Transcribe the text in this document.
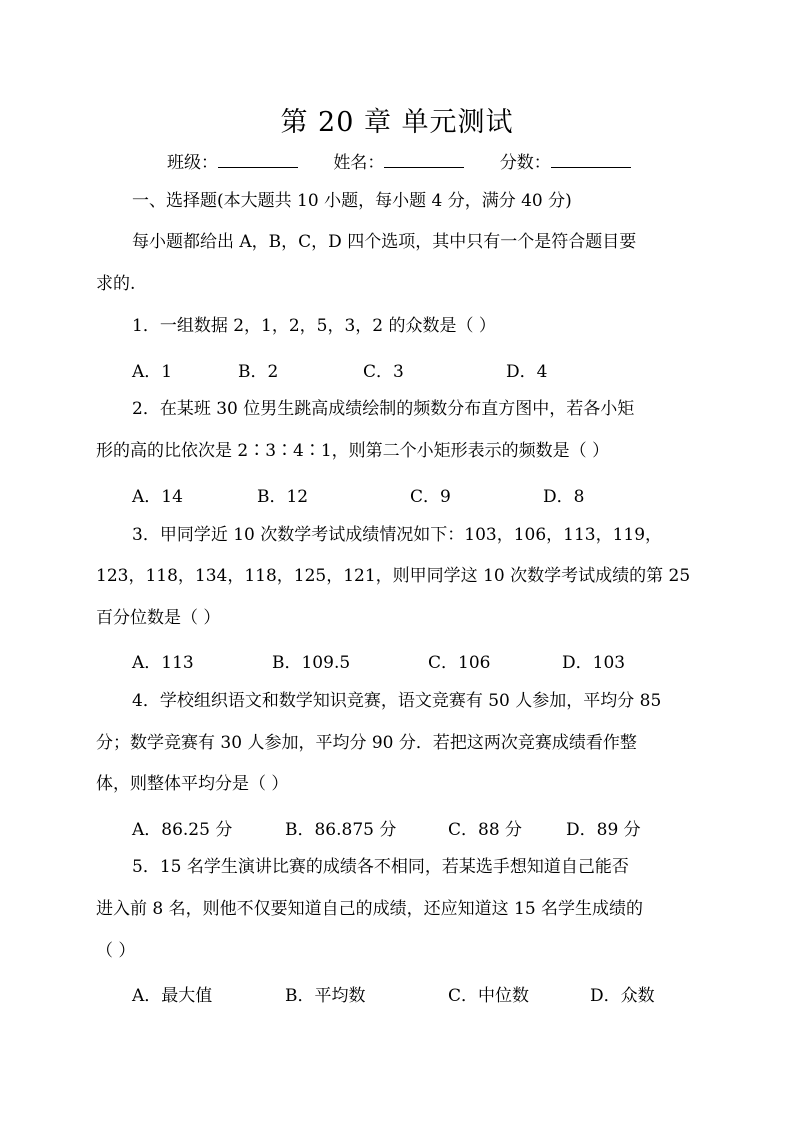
第 20 章 单元测试
班级：	姓名：	分数：
一、选择题(本大题共 10 小题，每小题 4 分，满分 40 分)
每小题都给出 A，B，C，D 四个选项，其中只有一个是符合题目要
求的.
1．一组数据 2，1，2，5，3，2 的众数是（ ）
A．1	B．2	C．3	D．4
2．在某班 30 位男生跳高成绩绘制的频数分布直方图中，若各小矩
形的高的比依次是 2∶3∶4∶1，则第二个小矩形表示的频数是（ ）
A．14	B．12	C．9	D．8
3．甲同学近 10 次数学考试成绩情况如下：103，106，113，119，
123，118，134，118，125，121，则甲同学这 10 次数学考试成绩的第 25
百分位数是（ ）
A．113	B．109.5	C．106	D．103
4．学校组织语文和数学知识竞赛，语文竞赛有 50 人参加，平均分 85
分；数学竞赛有 30 人参加，平均分 90 分．若把这两次竞赛成绩看作整
体，则整体平均分是（ ）
A．86.25 分	B．86.875 分	C．88 分	D．89 分
5．15 名学生演讲比赛的成绩各不相同，若某选手想知道自己能否
进入前 8 名，则他不仅要知道自己的成绩，还应知道这 15 名学生成绩的
（ ）
A．最大值	B．平均数	C．中位数	D．众数
